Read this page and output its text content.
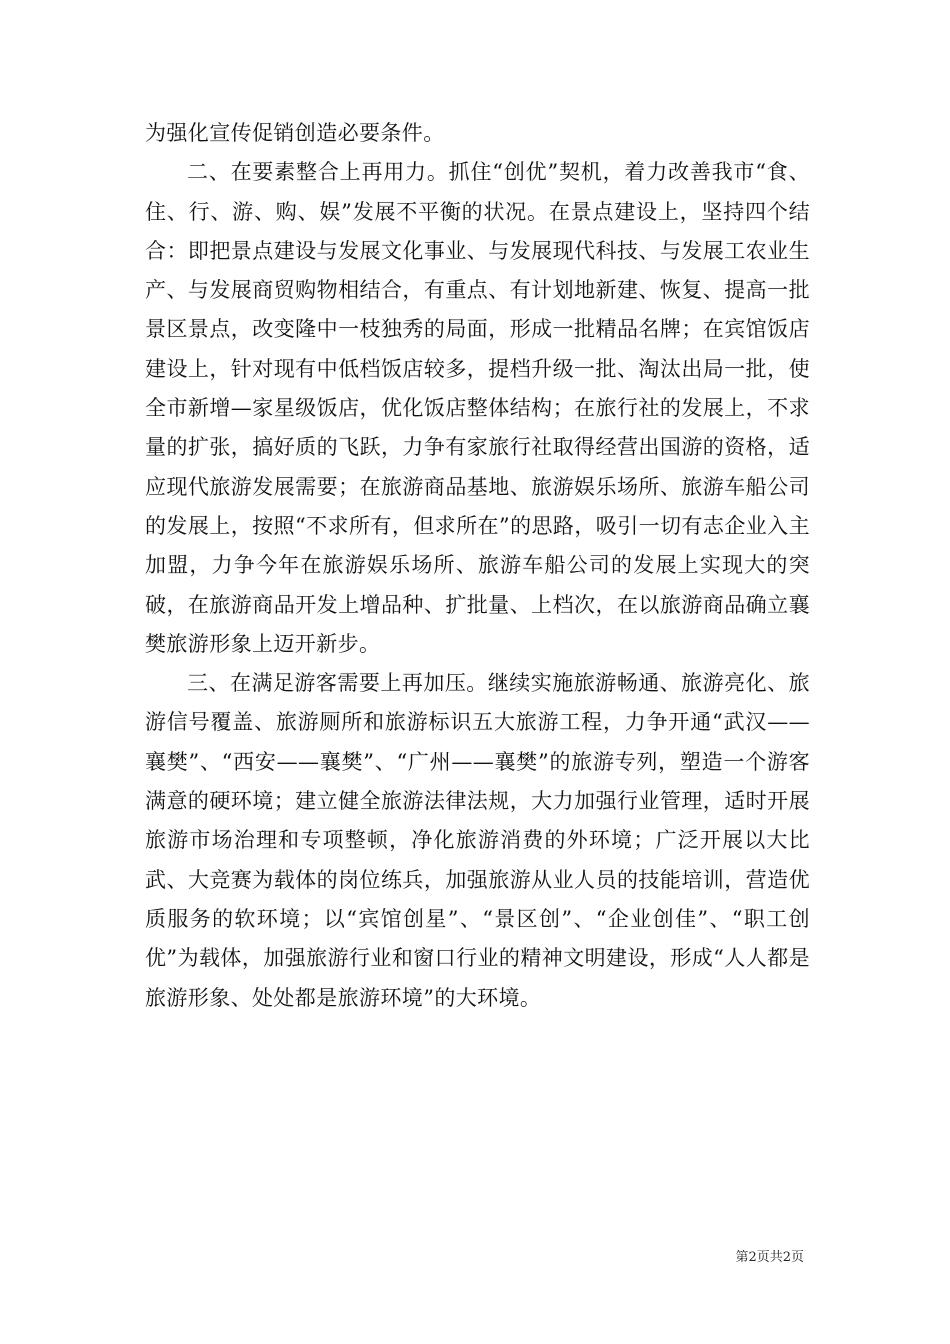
为强化宣传促销创造必要条件。

二、在要素整合上再用力。抓住“创优”契机，着力改善我市“食、住、行、游、购、娱”发展不平衡的状况。在景点建设上，坚持四个结合：即把景点建设与发展文化事业、与发展现代科技、与发展工农业生产、与发展商贸购物相结合，有重点、有计划地新建、恢复、提高一批景区景点，改变隆中一枝独秀的局面，形成一批精品名牌；在宾馆饭店建设上，针对现有中低档饭店较多，提档升级一批、淘汰出局一批，使全市新增—家星级饭店，优化饭店整体结构；在旅行社的发展上，不求量的扩张，搞好质的飞跃，力争有家旅行社取得经营出国游的资格，适应现代旅游发展需要；在旅游商品基地、旅游娱乐场所、旅游车船公司的发展上，按照“不求所有，但求所在”的思路，吸引一切有志企业入主加盟，力争今年在旅游娱乐场所、旅游车船公司的发展上实现大的突破，在旅游商品开发上增品种、扩批量、上档次，在以旅游商品确立襄樊旅游形象上迈开新步。

三、在满足游客需要上再加压。继续实施旅游畅通、旅游亮化、旅游信号覆盖、旅游厕所和旅游标识五大旅游工程，力争开通“武汉——襄樊”、“西安——襄樊”、“广州——襄樊”的旅游专列，塑造一个游客满意的硬环境；建立健全旅游法律法规，大力加强行业管理，适时开展旅游市场治理和专项整顿，净化旅游消费的外环境；广泛开展以大比武、大竞赛为载体的岗位练兵，加强旅游从业人员的技能培训，营造优质服务的软环境；以“宾馆创星”、“景区创”、“企业创佳”、“职工创优”为载体，加强旅游行业和窗口行业的精神文明建设，形成“人人都是旅游形象、处处都是旅游环境”的大环境。

第2页共2页
